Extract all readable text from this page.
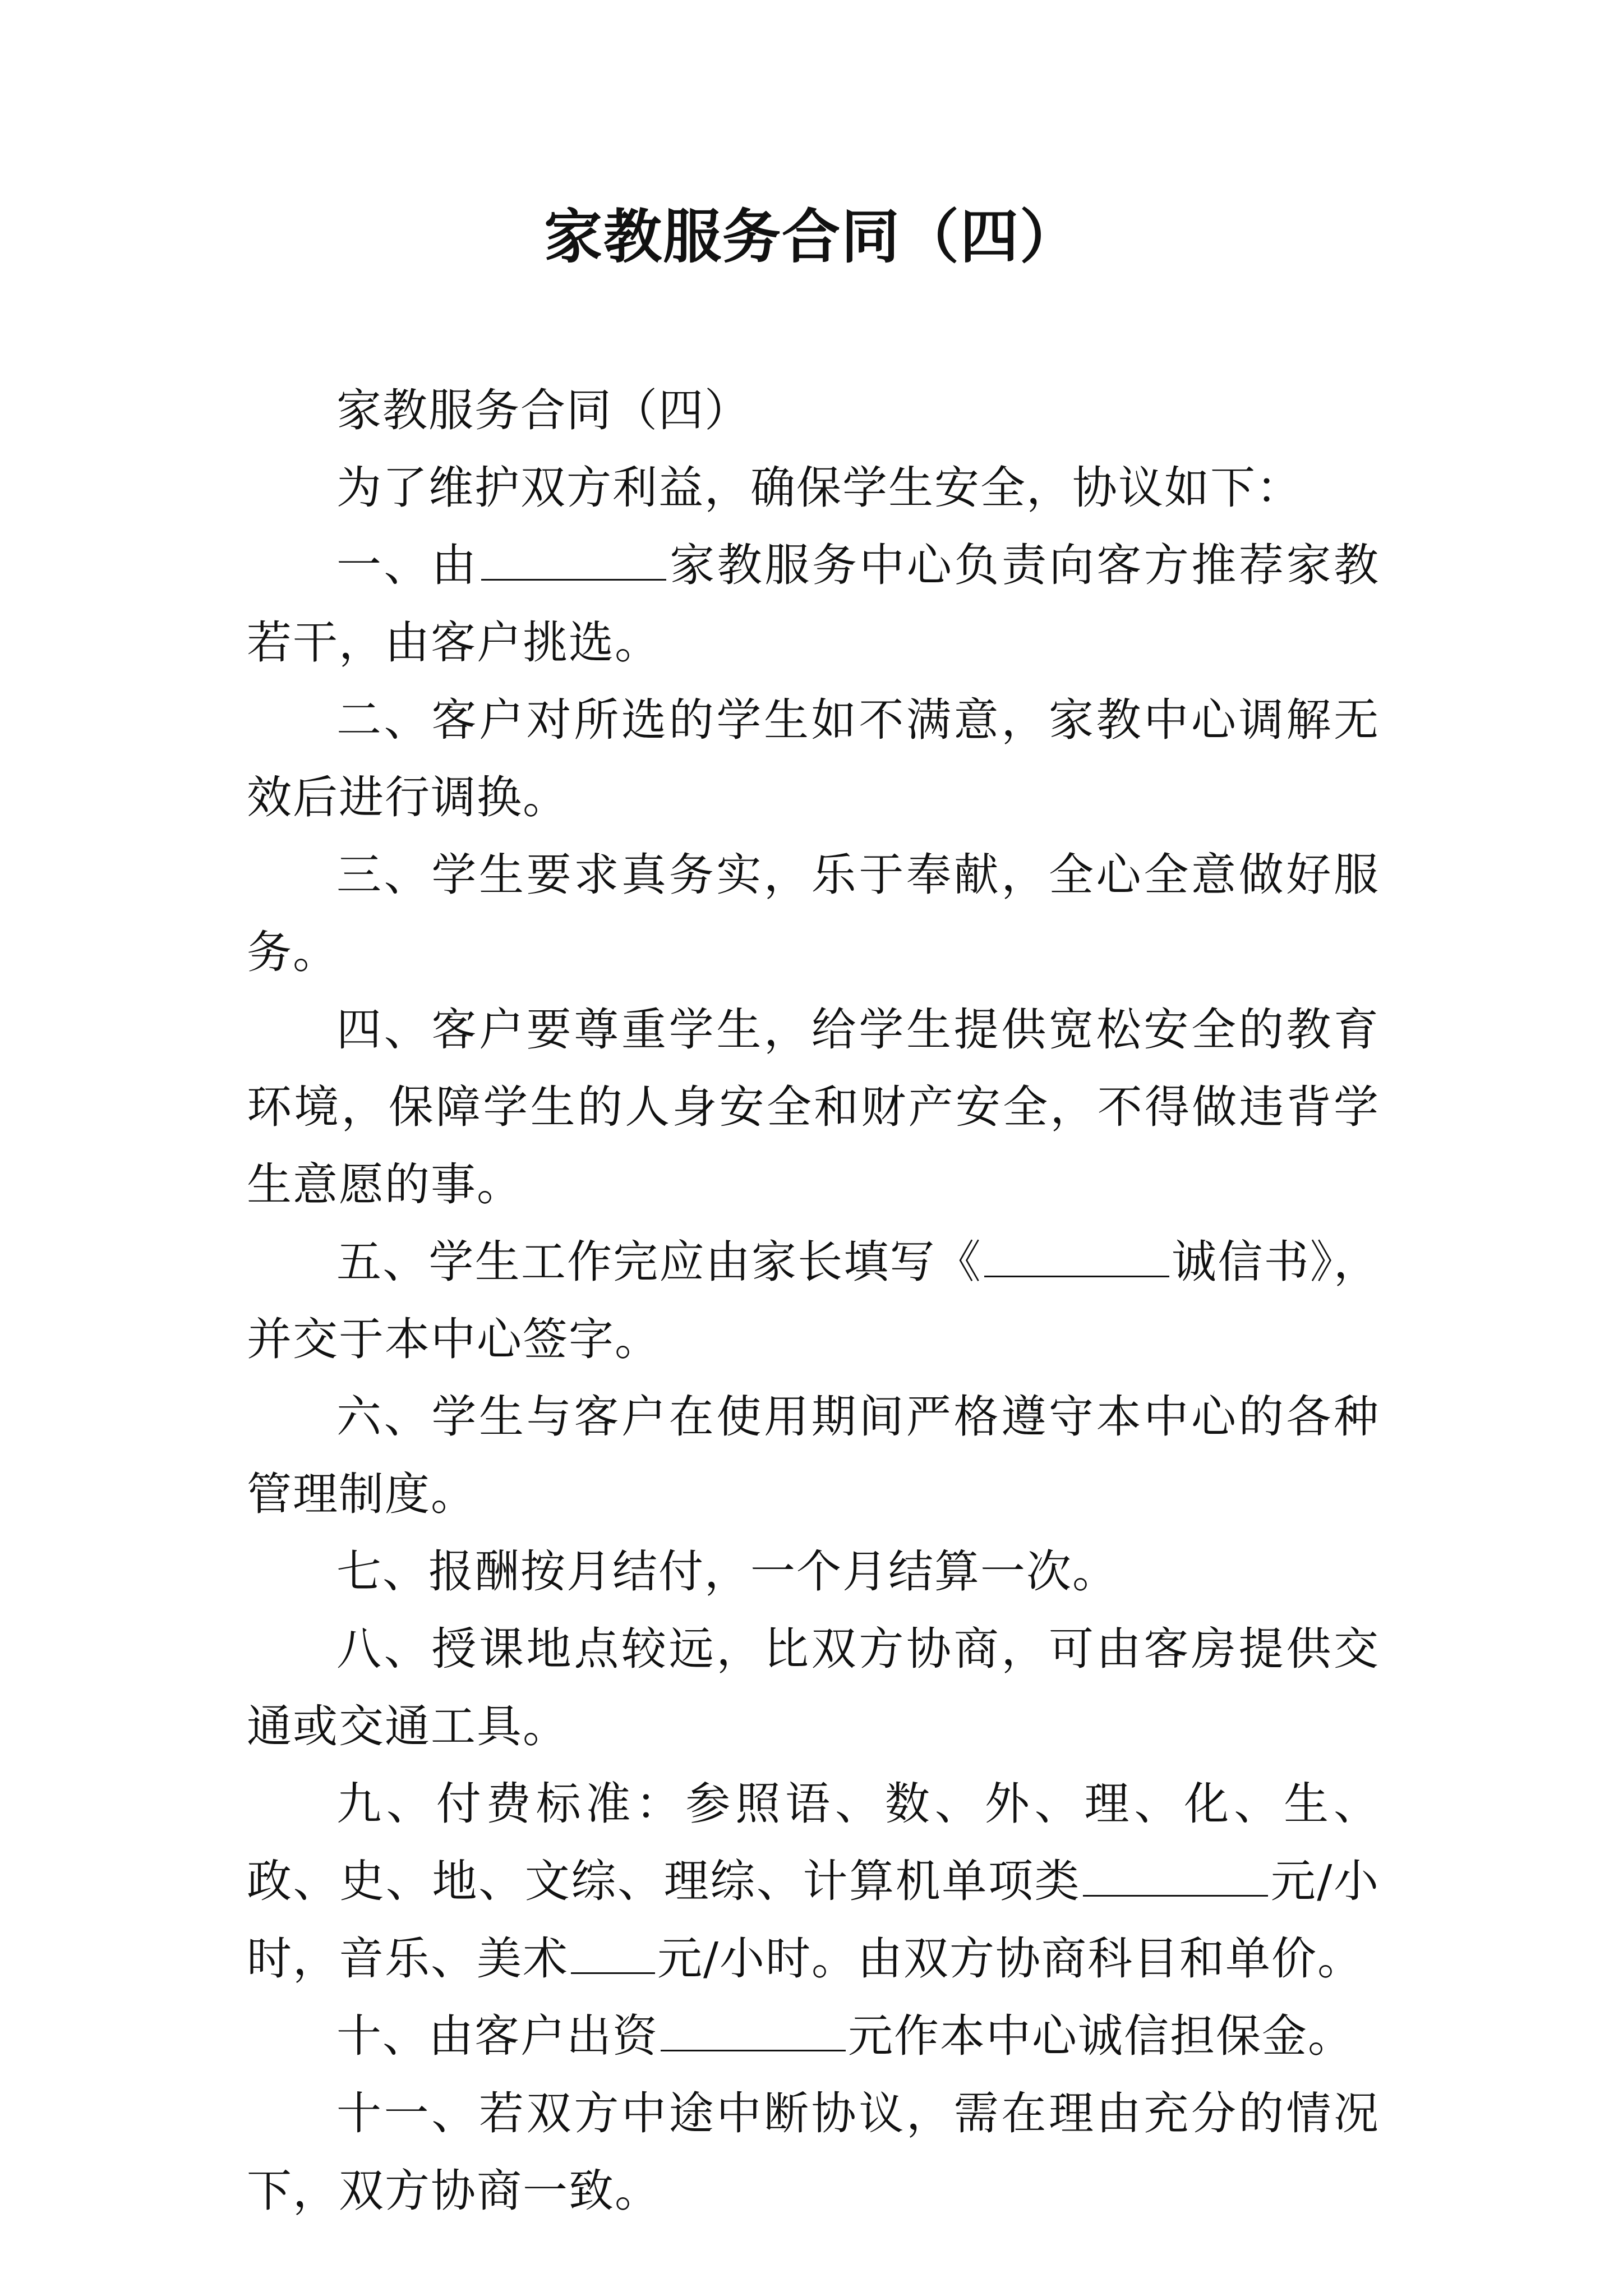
家教服务合同（四）

家教服务合同（四）

为了维护双方利益，确保学生安全，协议如下：

一、由	家教服务中心负责向客方推荐家教若干，由客户挑选。

二、客户对所选的学生如不满意，家教中心调解无效后进行调换。

三、学生要求真务实，乐于奉献，全心全意做好服务。

四、客户要尊重学生，给学生提供宽松安全的教育环境，保障学生的人身安全和财产安全，不得做违背学生意愿的事。

五、学生工作完应由家长填写《	诚信书》，并交于本中心签字。

六、学生与客户在使用期间严格遵守本中心的各种管理制度。

七、报酬按月结付，一个月结算一次。

八、授课地点较远，比双方协商，可由客房提供交通或交通工具。

九、付费标准：参照语、数、外、理、化、生、政、史、地、文综、理综、计算机单项类	元/小时，音乐、美术 元/小时。由双方协商科目和单价。

十、由客户出资	元作本中心诚信担保金。

十一、若双方中途中断协议，需在理由充分的情况下，双方协商一致。
